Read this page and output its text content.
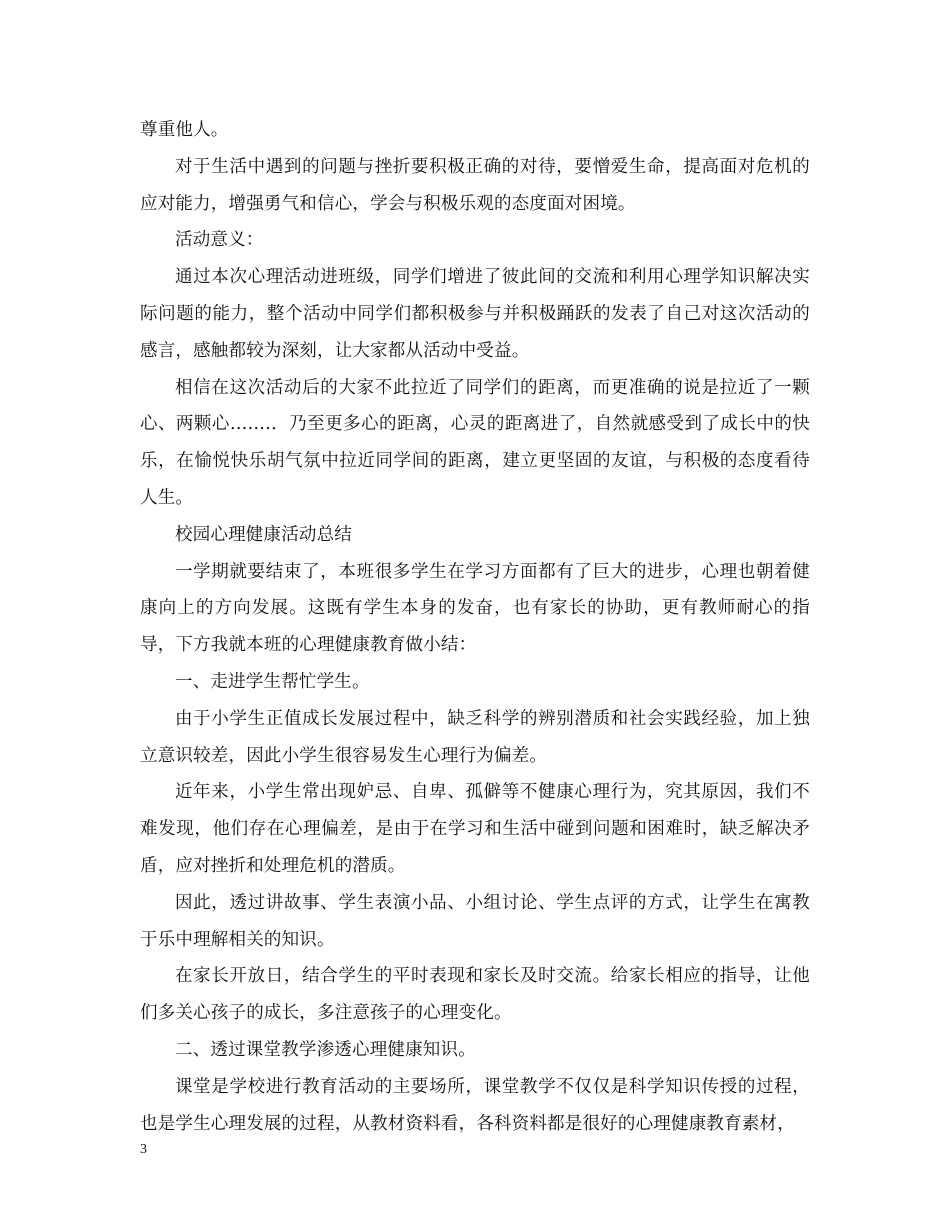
尊重他人。

对于生活中遇到的问题与挫折要积极正确的对待，要憎爱生命，提高面对危机的应对能力，增强勇气和信心，学会与积极乐观的态度面对困境。

活动意义：

通过本次心理活动进班级，同学们增进了彼此间的交流和利用心理学知识解决实际问题的能力，整个活动中同学们都积极参与并积极踊跃的发表了自己对这次活动的感言，感触都较为深刻，让大家都从活动中受益。

相信在这次活动后的大家不此拉近了同学们的距离，而更准确的说是拉近了一颗心、两颗心…….．乃至更多心的距离，心灵的距离进了，自然就感受到了成长中的快乐，在愉悦快乐胡气氛中拉近同学间的距离，建立更坚固的友谊，与积极的态度看待人生。

校园心理健康活动总结

一学期就要结束了，本班很多学生在学习方面都有了巨大的进步，心理也朝着健康向上的方向发展。这既有学生本身的发奋，也有家长的协助，更有教师耐心的指导，下方我就本班的心理健康教育做小结：

一、走进学生帮忙学生。

由于小学生正值成长发展过程中，缺乏科学的辨别潜质和社会实践经验，加上独立意识较差，因此小学生很容易发生心理行为偏差。

近年来，小学生常出现妒忌、自卑、孤僻等不健康心理行为，究其原因，我们不难发现，他们存在心理偏差，是由于在学习和生活中碰到问题和困难时，缺乏解决矛盾，应对挫折和处理危机的潜质。

因此，透过讲故事、学生表演小品、小组讨论、学生点评的方式，让学生在寓教于乐中理解相关的知识。

在家长开放日，结合学生的平时表现和家长及时交流。给家长相应的指导，让他们多关心孩子的成长，多注意孩子的心理变化。

二、透过课堂教学渗透心理健康知识。

课堂是学校进行教育活动的主要场所，课堂教学不仅仅是科学知识传授的过程，也是学生心理发展的过程，从教材资料看，各科资料都是很好的心理健康教育素材，

3
